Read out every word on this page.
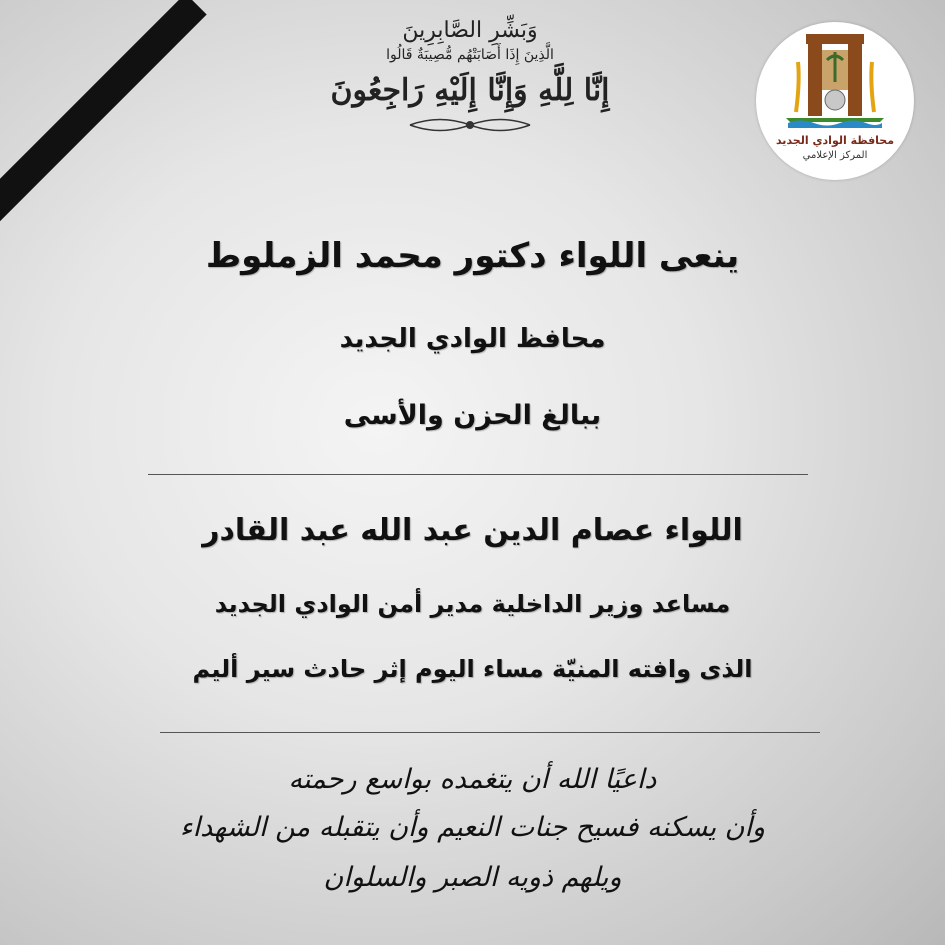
وَبَشِّرِ الصَّابِرِينَ
الَّذِينَ إِذَا أَصَابَتْهُم مُّصِيبَةٌ قَالُوا
إِنَّا لِلَّهِ وَإِنَّا إِلَيْهِ رَاجِعُونَ
محافظة الوادي الجديد
المركز الإعلامي
ينعى اللواء دكتور محمد الزملوط
محافظ الوادي الجديد
ببالغ الحزن والأسى
اللواء عصام الدين عبد الله عبد القادر
مساعد وزير الداخلية مدير أمن الوادي الجديد
الذى وافته المنيّة مساء اليوم إثر حادث سير أليم
داعيًا الله أن يتغمده بواسع رحمته
وأن يسكنه فسيح جنات النعيم وأن يتقبله من الشهداء
ويلهم ذويه الصبر والسلوان
